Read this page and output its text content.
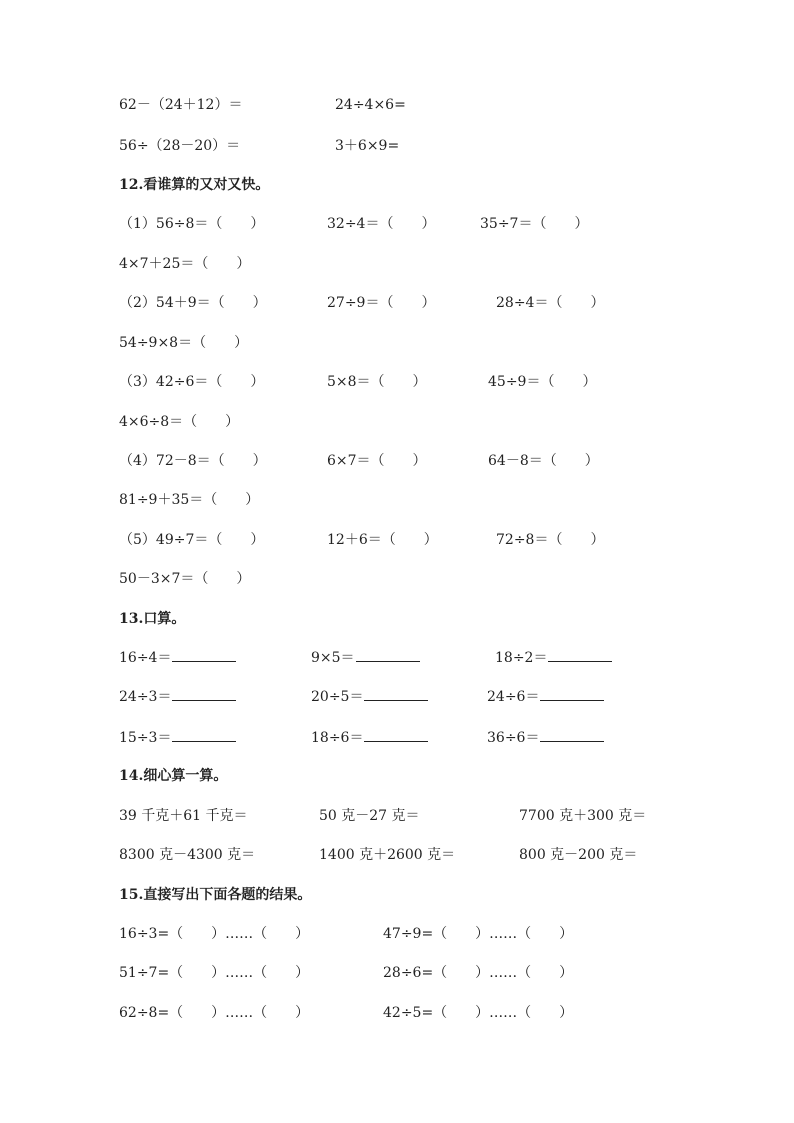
62－（24＋12）＝	24÷4×6=
56÷（28－20）＝	3＋6×9=
12.看谁算的又对又快。
（1）56÷8＝（　　）	32÷4＝（　　）	35÷7＝（　　）
4×7＋25＝（　　）
（2）54＋9＝（　　）	27÷9＝（　　）	28÷4＝（　　）
54÷9×8＝（　　）
（3）42÷6＝（　　）	5×8＝（　　）	45÷9＝（　　）
4×6÷8＝（　　）
（4）72－8＝（　　）	6×7＝（　　）	64－8＝（　　）
81÷9＋35＝（　　）
（5）49÷7＝（　　）	12＋6＝（　　）	72÷8＝（　　）
50－3×7＝（　　）
13.口算。
16÷4＝	9×5＝	18÷2＝
24÷3＝	20÷5＝	24÷6＝
15÷3＝	18÷6＝	36÷6＝
14.细心算一算。
39 千克＋61 千克＝	50 克－27 克＝	7700 克＋300 克＝
8300 克－4300 克＝	1400 克＋2600 克＝	800 克－200 克＝
15.直接写出下面各题的结果。
16÷3=（　　）……（　　）	47÷9=（　　）……（　　）
51÷7=（　　）……（　　）	28÷6=（　　）……（　　）
62÷8=（　　）……（　　）	42÷5=（　　）……（　　）
